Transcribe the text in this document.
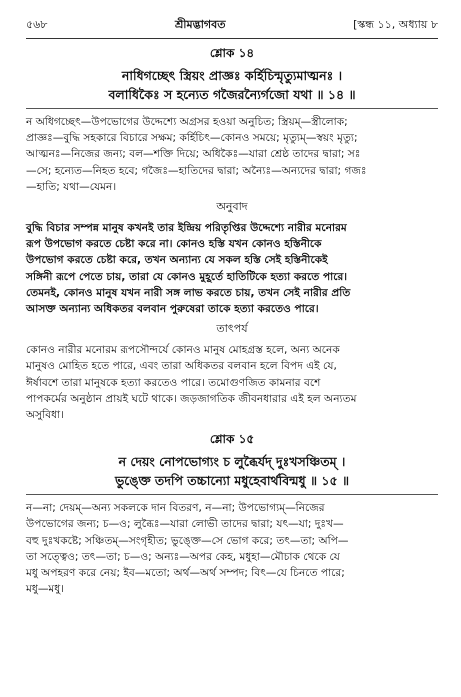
৫৬৮	শ্রীমদ্ভাগবত	[স্কন্ধ ১১, অধ্যায় ৮
শ্লোক ১৪
নাধিগচ্ছেৎ স্ত্রিয়ং প্রাজ্ঞঃ কর্হিচিন্মৃত্যুমাত্মনঃ ।
বলাধিকৈঃ স হন্যেত গজৈরন্যৈর্গজো যথা ॥ ১৪ ॥

ন অধিগচ্ছেৎ—উপভোগের উদ্দেশ্যে অগ্রসর হওয়া অনুচিত; স্ত্রিয়ম্—স্ত্রীলোক;

প্রাজ্ঞঃ—বুদ্ধি সহকারে বিচারে সক্ষম; কর্হিচিৎ—কোনও সময়ে; মৃত্যুম্—স্বয়ং মৃত্যু;

আত্মনঃ—নিজের জন্য; বল—শক্তি দিয়ে; অধিকৈঃ—যারা শ্রেষ্ঠ তাদের দ্বারা; সঃ

—সে; হন্যেত—নিহত হবে; গজৈঃ—হাতিদের দ্বারা; অন্যৈঃ—অন্যদের দ্বারা; গজঃ

—হাতি; যথা—যেমন।

অনুবাদ

বুদ্ধি বিচার সম্পন্ন মানুষ কখনই তার ইন্দ্রিয় পরিতৃপ্তির উদ্দেশ্যে নারীর মনোরম

রূপ উপভোগ করতে চেষ্টা করে না। কোনও হস্তি যখন কোনও হস্তিনীকে

উপভোগ করতে চেষ্টা করে, তখন অন্যান্য যে সকল হস্তি সেই হস্তিনীকেই

সঙ্গিনী রূপে পেতে চায়, তারা যে কোনও মুহূর্তে হাতিটিকে হত্যা করতে পারে।

তেমনই, কোনও মানুষ যখন নারী সঙ্গ লাভ করতে চায়, তখন সেই নারীর প্রতি

আসক্ত অন্যান্য অধিকতর বলবান পুরুষেরা তাকে হত্যা করতেও পারে।

তাৎপর্য

কোনও নারীর মনোরম রূপসৌন্দর্যে কোনও মানুষ মোহগ্রস্ত হলে, অন্য অনেক

মানুষও মোহিত হতে পারে, এবং তারা অধিকতর বলবান হলে বিপদ এই যে,

ঈর্ষাবশে তারা মানুষকে হত্যা করতেও পারে। তমোগুণজিত কামনার বশে

পাপকর্মের অনুষ্ঠান প্রায়ই ঘটে থাকে। জড়জাগতিক জীবনধারার এই হল অন্যতম

অসুবিধা।

শ্লোক ১৫
ন দেয়ং নোপভোগ্যং চ লুব্ধৈর্যদ্ দুঃখসঞ্চিতম্ ।
ভুঙ্ক্তে তদপি তচ্চান্যো মধুহেবার্থবিন্মধু ॥ ১৫ ॥

ন—না; দেয়ম্—অন্য সকলকে দান বিতরণ, ন—না; উপভোগ্যম্—নিজের

উপভোগের জন্য; চ—ও; লুব্ধৈঃ—যারা লোভী তাদের দ্বারা; যৎ—যা; দুঃখ—

বহু দুঃখকষ্টে; সঞ্চিতম্—সংগৃহীত; ভুঙ্ক্তে—সে ভোগ করে; তৎ—তা; অপি—

তা সত্ত্বেও; তৎ—তা; চ—ও; অন্যঃ—অপর কেহ, মধুহা—মৌচাক থেকে যে

মধু অপহরণ করে নেয়; ইব—মতো; অর্থ—অর্থ সম্পদ; বিৎ—যে চিনতে পারে;

মধু—মধু।
